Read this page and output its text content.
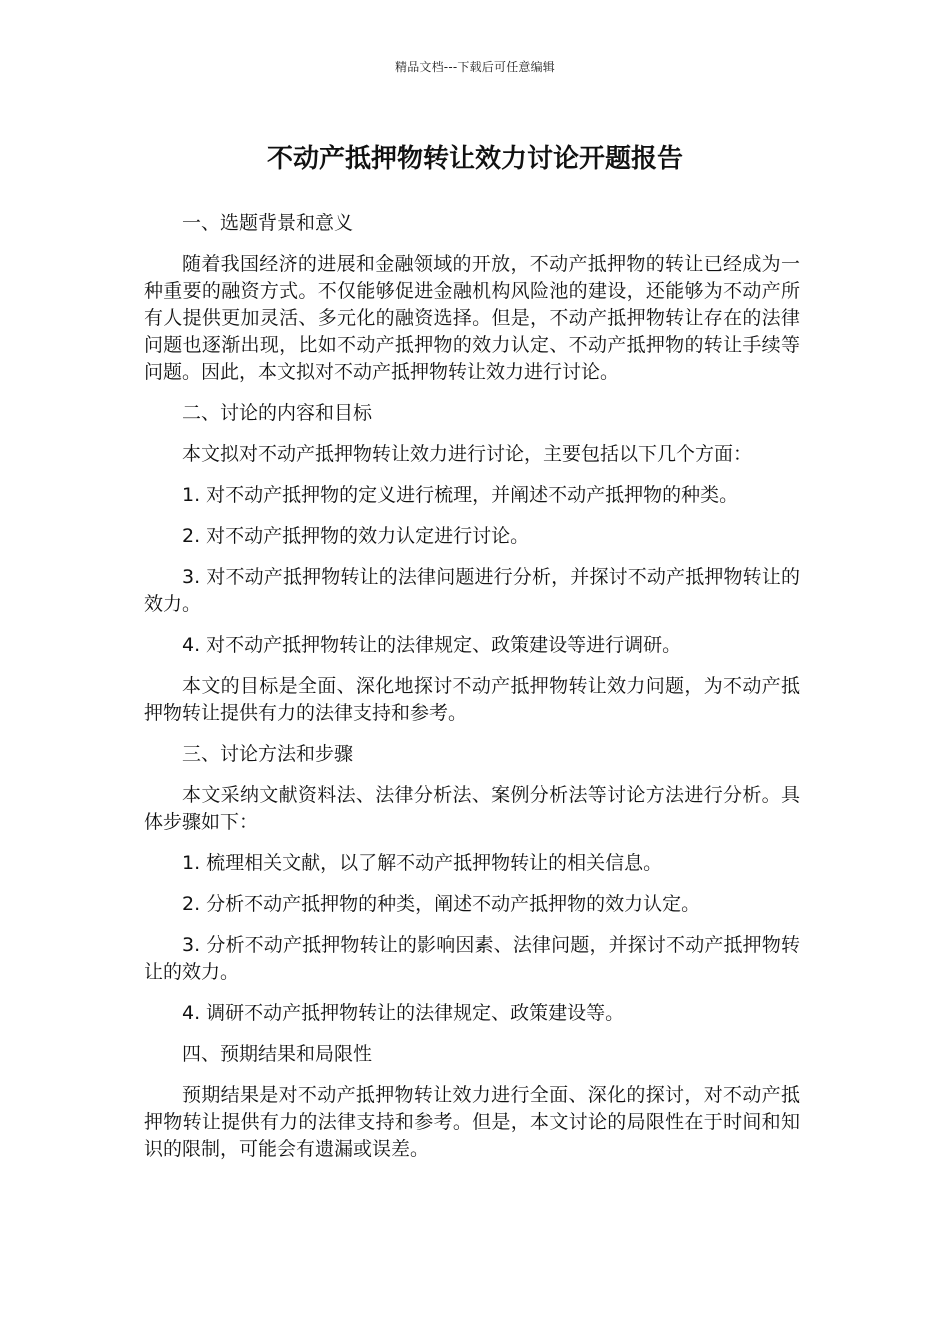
精品文档---下载后可任意编辑
不动产抵押物转让效力讨论开题报告

一、选题背景和意义

随着我国经济的进展和金融领域的开放，不动产抵押物的转让已经成为一种重要的融资方式。不仅能够促进金融机构风险池的建设，还能够为不动产所有人提供更加灵活、多元化的融资选择。但是，不动产抵押物转让存在的法律问题也逐渐出现，比如不动产抵押物的效力认定、不动产抵押物的转让手续等问题。因此，本文拟对不动产抵押物转让效力进行讨论。

二、讨论的内容和目标

本文拟对不动产抵押物转让效力进行讨论，主要包括以下几个方面：

1. 对不动产抵押物的定义进行梳理，并阐述不动产抵押物的种类。

2. 对不动产抵押物的效力认定进行讨论。

3. 对不动产抵押物转让的法律问题进行分析，并探讨不动产抵押物转让的效力。

4. 对不动产抵押物转让的法律规定、政策建设等进行调研。

本文的目标是全面、深化地探讨不动产抵押物转让效力问题，为不动产抵押物转让提供有力的法律支持和参考。

三、讨论方法和步骤

本文采纳文献资料法、法律分析法、案例分析法等讨论方法进行分析。具体步骤如下：

1. 梳理相关文献，以了解不动产抵押物转让的相关信息。

2. 分析不动产抵押物的种类，阐述不动产抵押物的效力认定。

3. 分析不动产抵押物转让的影响因素、法律问题，并探讨不动产抵押物转让的效力。

4. 调研不动产抵押物转让的法律规定、政策建设等。

四、预期结果和局限性

预期结果是对不动产抵押物转让效力进行全面、深化的探讨，对不动产抵押物转让提供有力的法律支持和参考。但是，本文讨论的局限性在于时间和知识的限制，可能会有遗漏或误差。
